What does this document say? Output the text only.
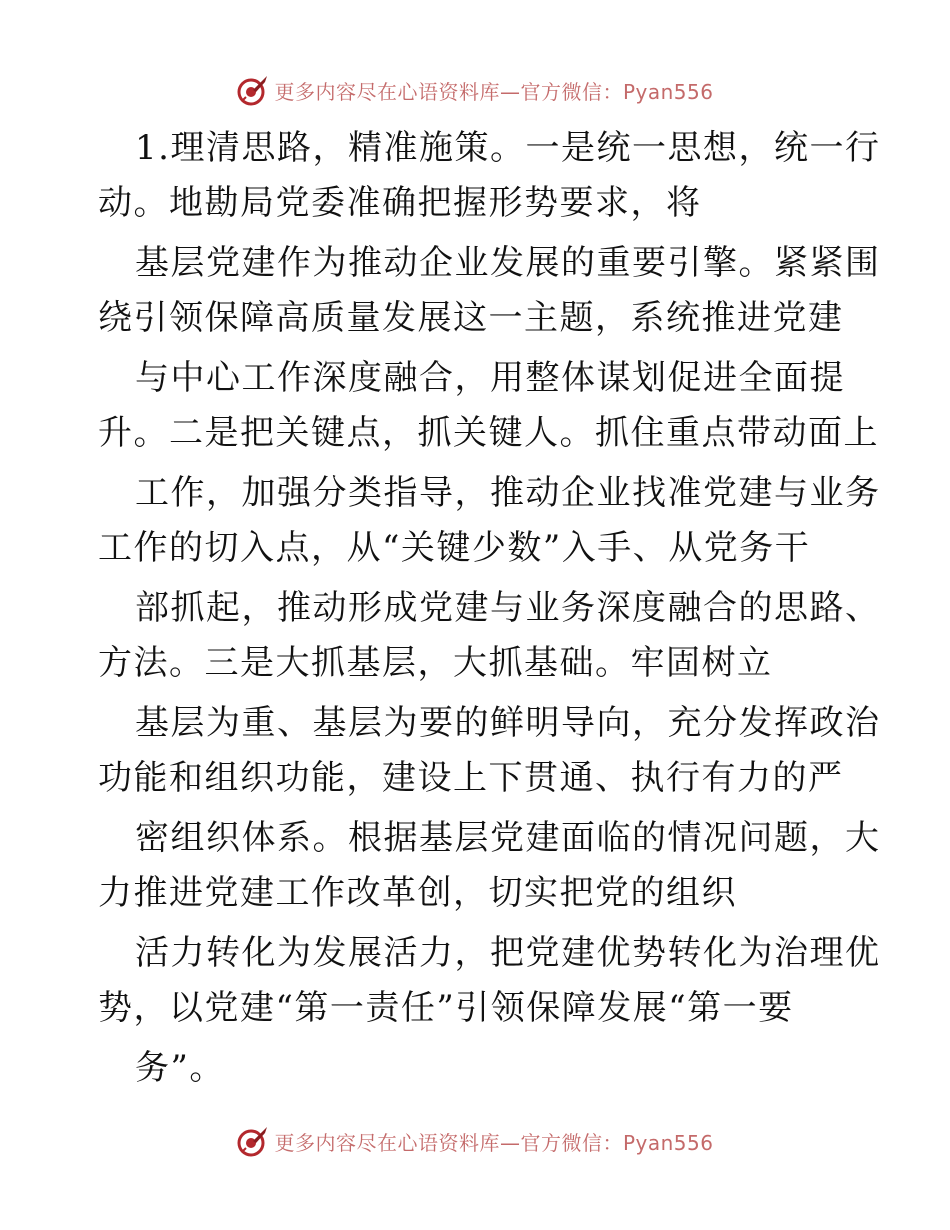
更多内容尽在心语资料库—官方微信：Pyan556
1.理清思路，精准施策。一是统一思想，统一行
动。地勘局党委准确把握形势要求，将
基层党建作为推动企业发展的重要引擎。紧紧围
绕引领保障高质量发展这一主题，系统推进党建
与中心工作深度融合，用整体谋划促进全面提
升。二是把关键点，抓关键人。抓住重点带动面上
工作，加强分类指导，推动企业找准党建与业务
工作的切入点，从“关键少数”入手、从党务干
部抓起，推动形成党建与业务深度融合的思路、
方法。三是大抓基层，大抓基础。牢固树立
基层为重、基层为要的鲜明导向，充分发挥政治
功能和组织功能，建设上下贯通、执行有力的严
密组织体系。根据基层党建面临的情况问题，大
力推进党建工作改革创，切实把党的组织
活力转化为发展活力，把党建优势转化为治理优
势，以党建“第一责任”引领保障发展“第一要
务”。
更多内容尽在心语资料库—官方微信：Pyan556
